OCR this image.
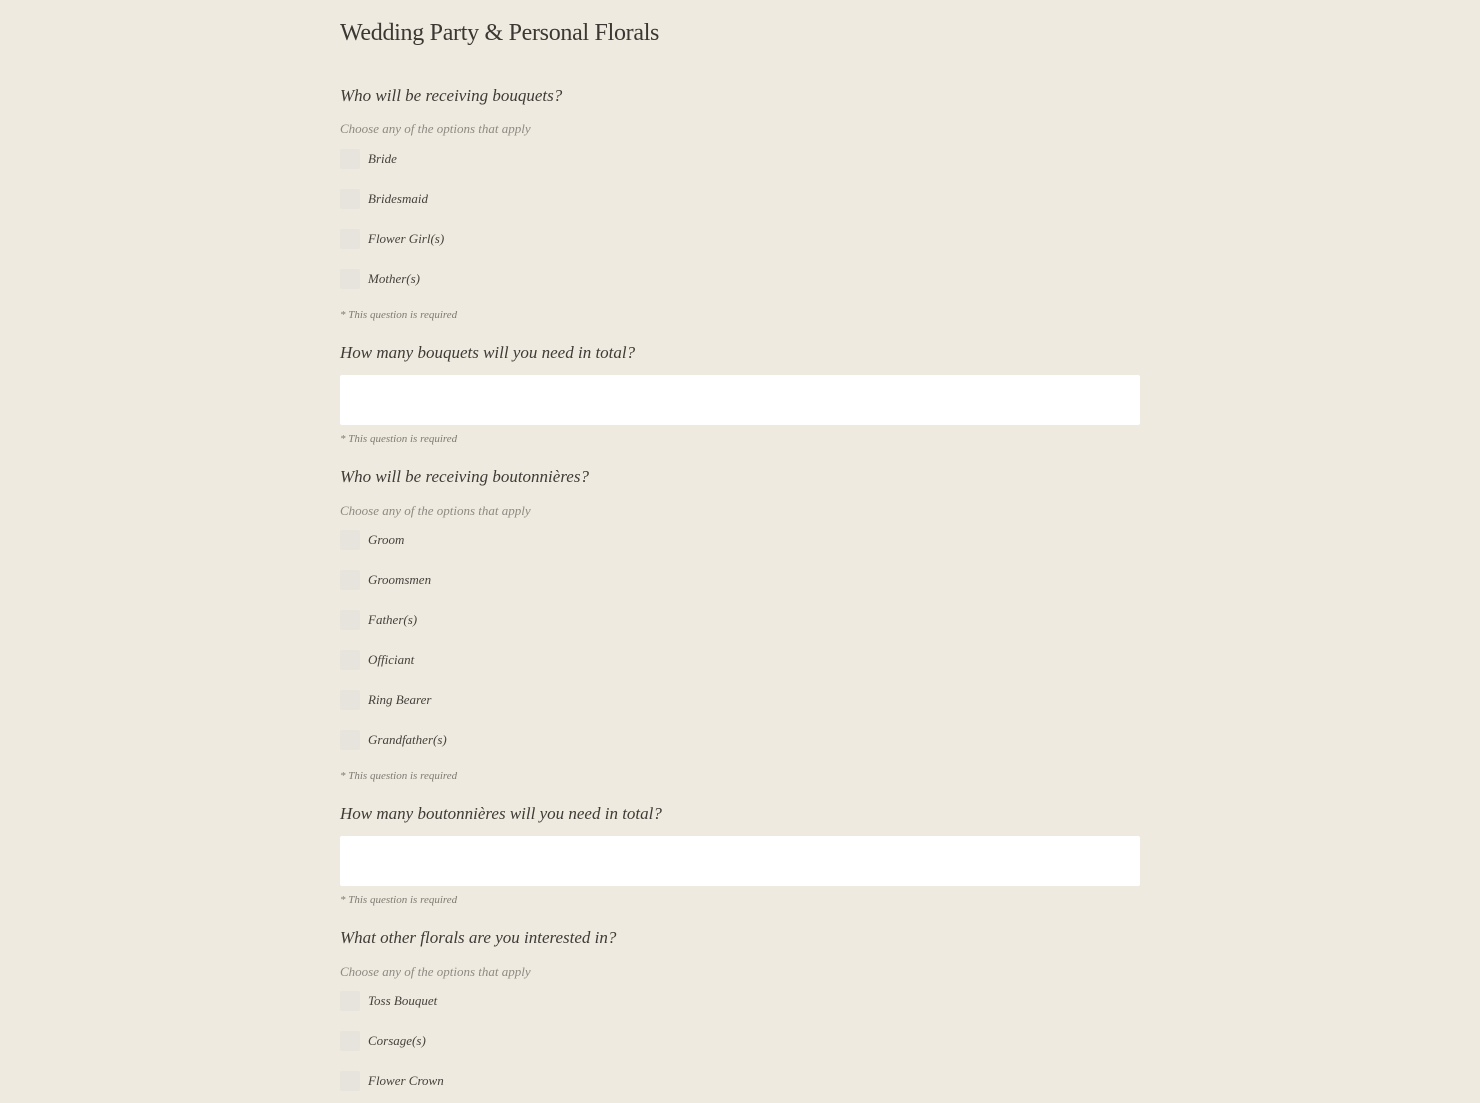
Wedding Party & Personal Florals
Who will be receiving bouquets?
Choose any of the options that apply
Bride
Bridesmaid
Flower Girl(s)
Mother(s)
* This question is required
How many bouquets will you need in total?
* This question is required
Who will be receiving boutonnières?
Choose any of the options that apply
Groom
Groomsmen
Father(s)
Officiant
Ring Bearer
Grandfather(s)
* This question is required
How many boutonnières will you need in total?
* This question is required
What other florals are you interested in?
Choose any of the options that apply
Toss Bouquet
Corsage(s)
Flower Crown
